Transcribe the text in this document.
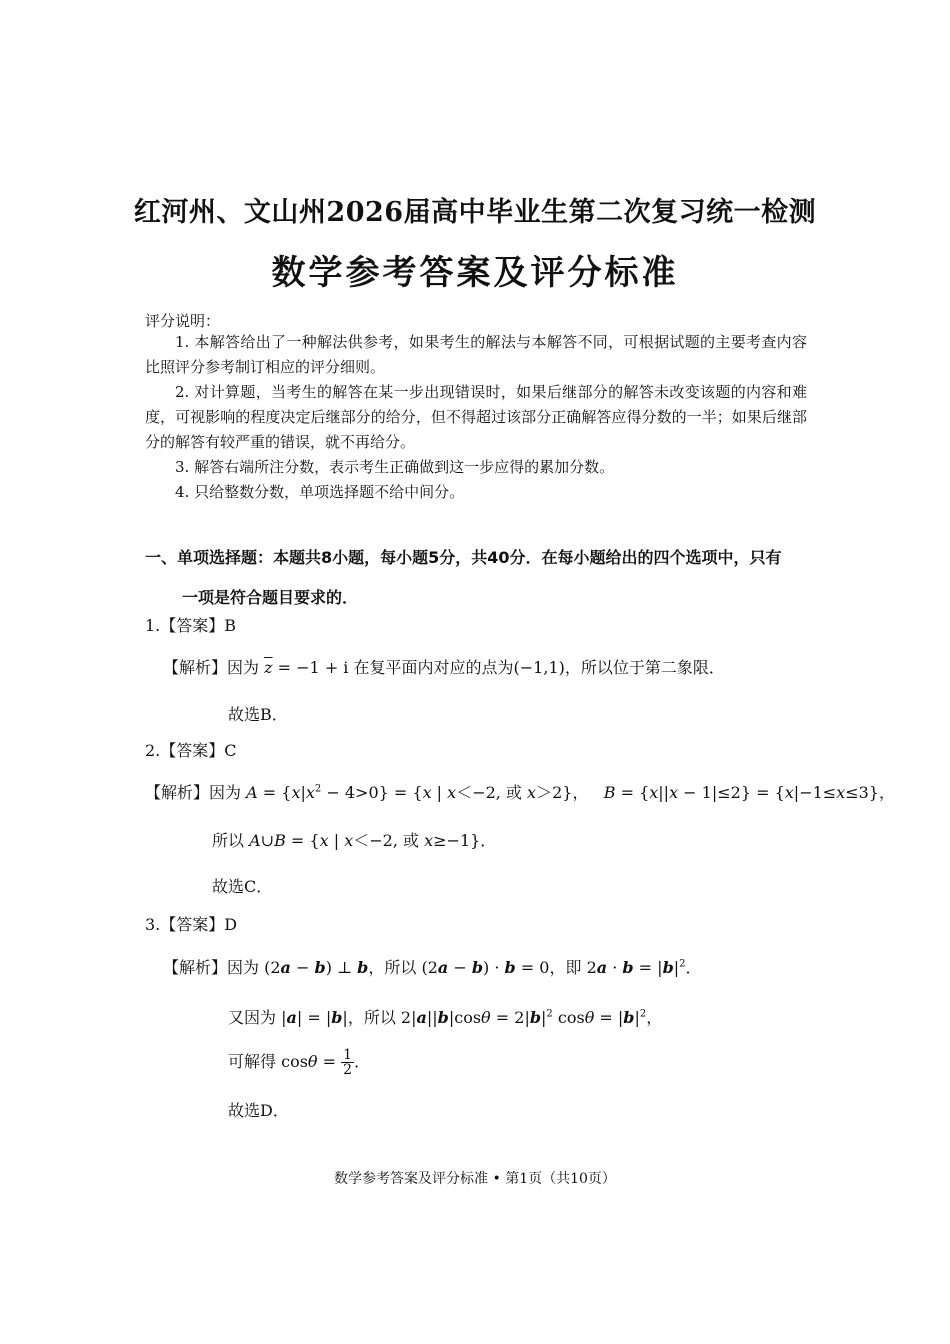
红河州、文山州2026届高中毕业生第二次复习统一检测
数学参考答案及评分标准
评分说明：
1. 本解答给出了一种解法供参考，如果考生的解法与本解答不同，可根据试题的主要考查内容比照评分参考制订相应的评分细则。
2. 对计算题，当考生的解答在某一步出现错误时，如果后继部分的解答未改变该题的内容和难度，可视影响的程度决定后继部分的给分，但不得超过该部分正确解答应得分数的一半；如果后继部分的解答有较严重的错误，就不再给分。
3. 解答右端所注分数，表示考生正确做到这一步应得的累加分数。
4. 只给整数分数，单项选择题不给中间分。
一、单项选择题：本题共8小题，每小题5分，共40分．在每小题给出的四个选项中，只有
一项是符合题目要求的．
1.【答案】B
【解析】因为 $\overline{z} = -1 + i$ 在复平面内对应的点为(−1,1)，所以位于第二象限．
故选B．
2.【答案】C
【解析】因为 $A = \{x|x^2 - 4>0\} = \{x$ | x＜−2, 或 x＞2}， B = {x||x − 1|≤2} = {x|−1≤x≤3}，
所以 A∪B = {x | x＜−2, 或 x≥−1}．
故选C．
3.【答案】D
【解析】因为 (2a − b) ⊥ b，所以 (2a − b) · b = 0，即 $2a \cdot b = |b|^2$．
又因为 |a| = |b|，所以 $2|a||b|\cos\theta = 2|b|^2$ $\cos\theta = |b|^2$，
可解得 $\cos\theta = \frac{1}{2}$ ．
故选D．
数学参考答案及评分标准 • 第1页（共10页）
